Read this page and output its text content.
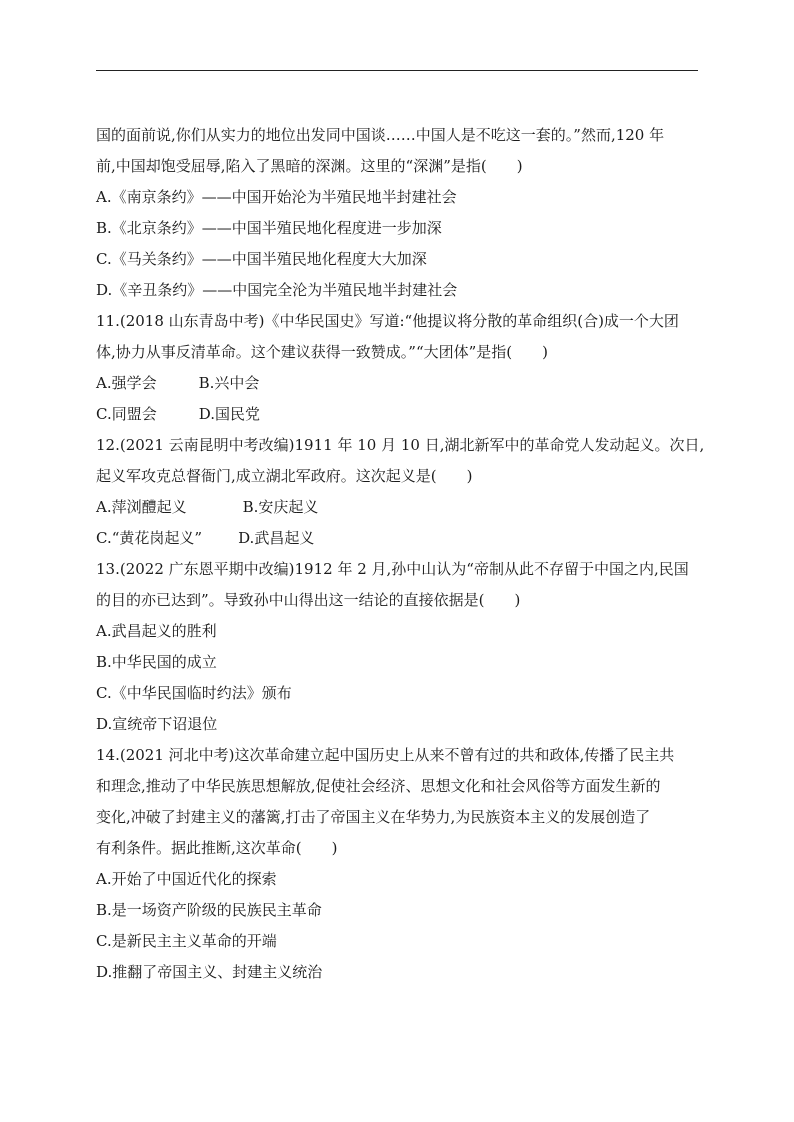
国的面前说,你们从实力的地位出发同中国谈……中国人是不吃这一套的。”然而,120 年
前,中国却饱受屈辱,陷入了黑暗的深渊。这里的“深渊”是指(　　)
A.《南京条约》——中国开始沦为半殖民地半封建社会
B.《北京条约》——中国半殖民地化程度进一步加深
C.《马关条约》——中国半殖民地化程度大大加深
D.《辛丑条约》——中国完全沦为半殖民地半封建社会
11.(2018 山东青岛中考)《中华民国史》写道:“他提议将分散的革命组织(合)成一个大团
体,协力从事反清革命。这个建议获得一致赞成。”“大团体”是指(　　)
A.强学会	B.兴中会
C.同盟会	D.国民党
12.(2021 云南昆明中考改编)1911 年 10 月 10 日,湖北新军中的革命党人发动起义。次日,
起义军攻克总督衙门,成立湖北军政府。这次起义是(　　)
A.萍浏醴起义	B.安庆起义
C.“黄花岗起义” D.武昌起义
13.(2022 广东恩平期中改编)1912 年 2 月,孙中山认为“帝制从此不存留于中国之内,民国
的目的亦已达到”。导致孙中山得出这一结论的直接依据是(　　)
A.武昌起义的胜利
B.中华民国的成立
C.《中华民国临时约法》颁布
D.宣统帝下诏退位
14.(2021 河北中考)这次革命建立起中国历史上从来不曾有过的共和政体,传播了民主共
和理念,推动了中华民族思想解放,促使社会经济、思想文化和社会风俗等方面发生新的
变化,冲破了封建主义的藩篱,打击了帝国主义在华势力,为民族资本主义的发展创造了
有利条件。据此推断,这次革命(　　)
A.开始了中国近代化的探索
B.是一场资产阶级的民族民主革命
C.是新民主主义革命的开端
D.推翻了帝国主义、封建主义统治
